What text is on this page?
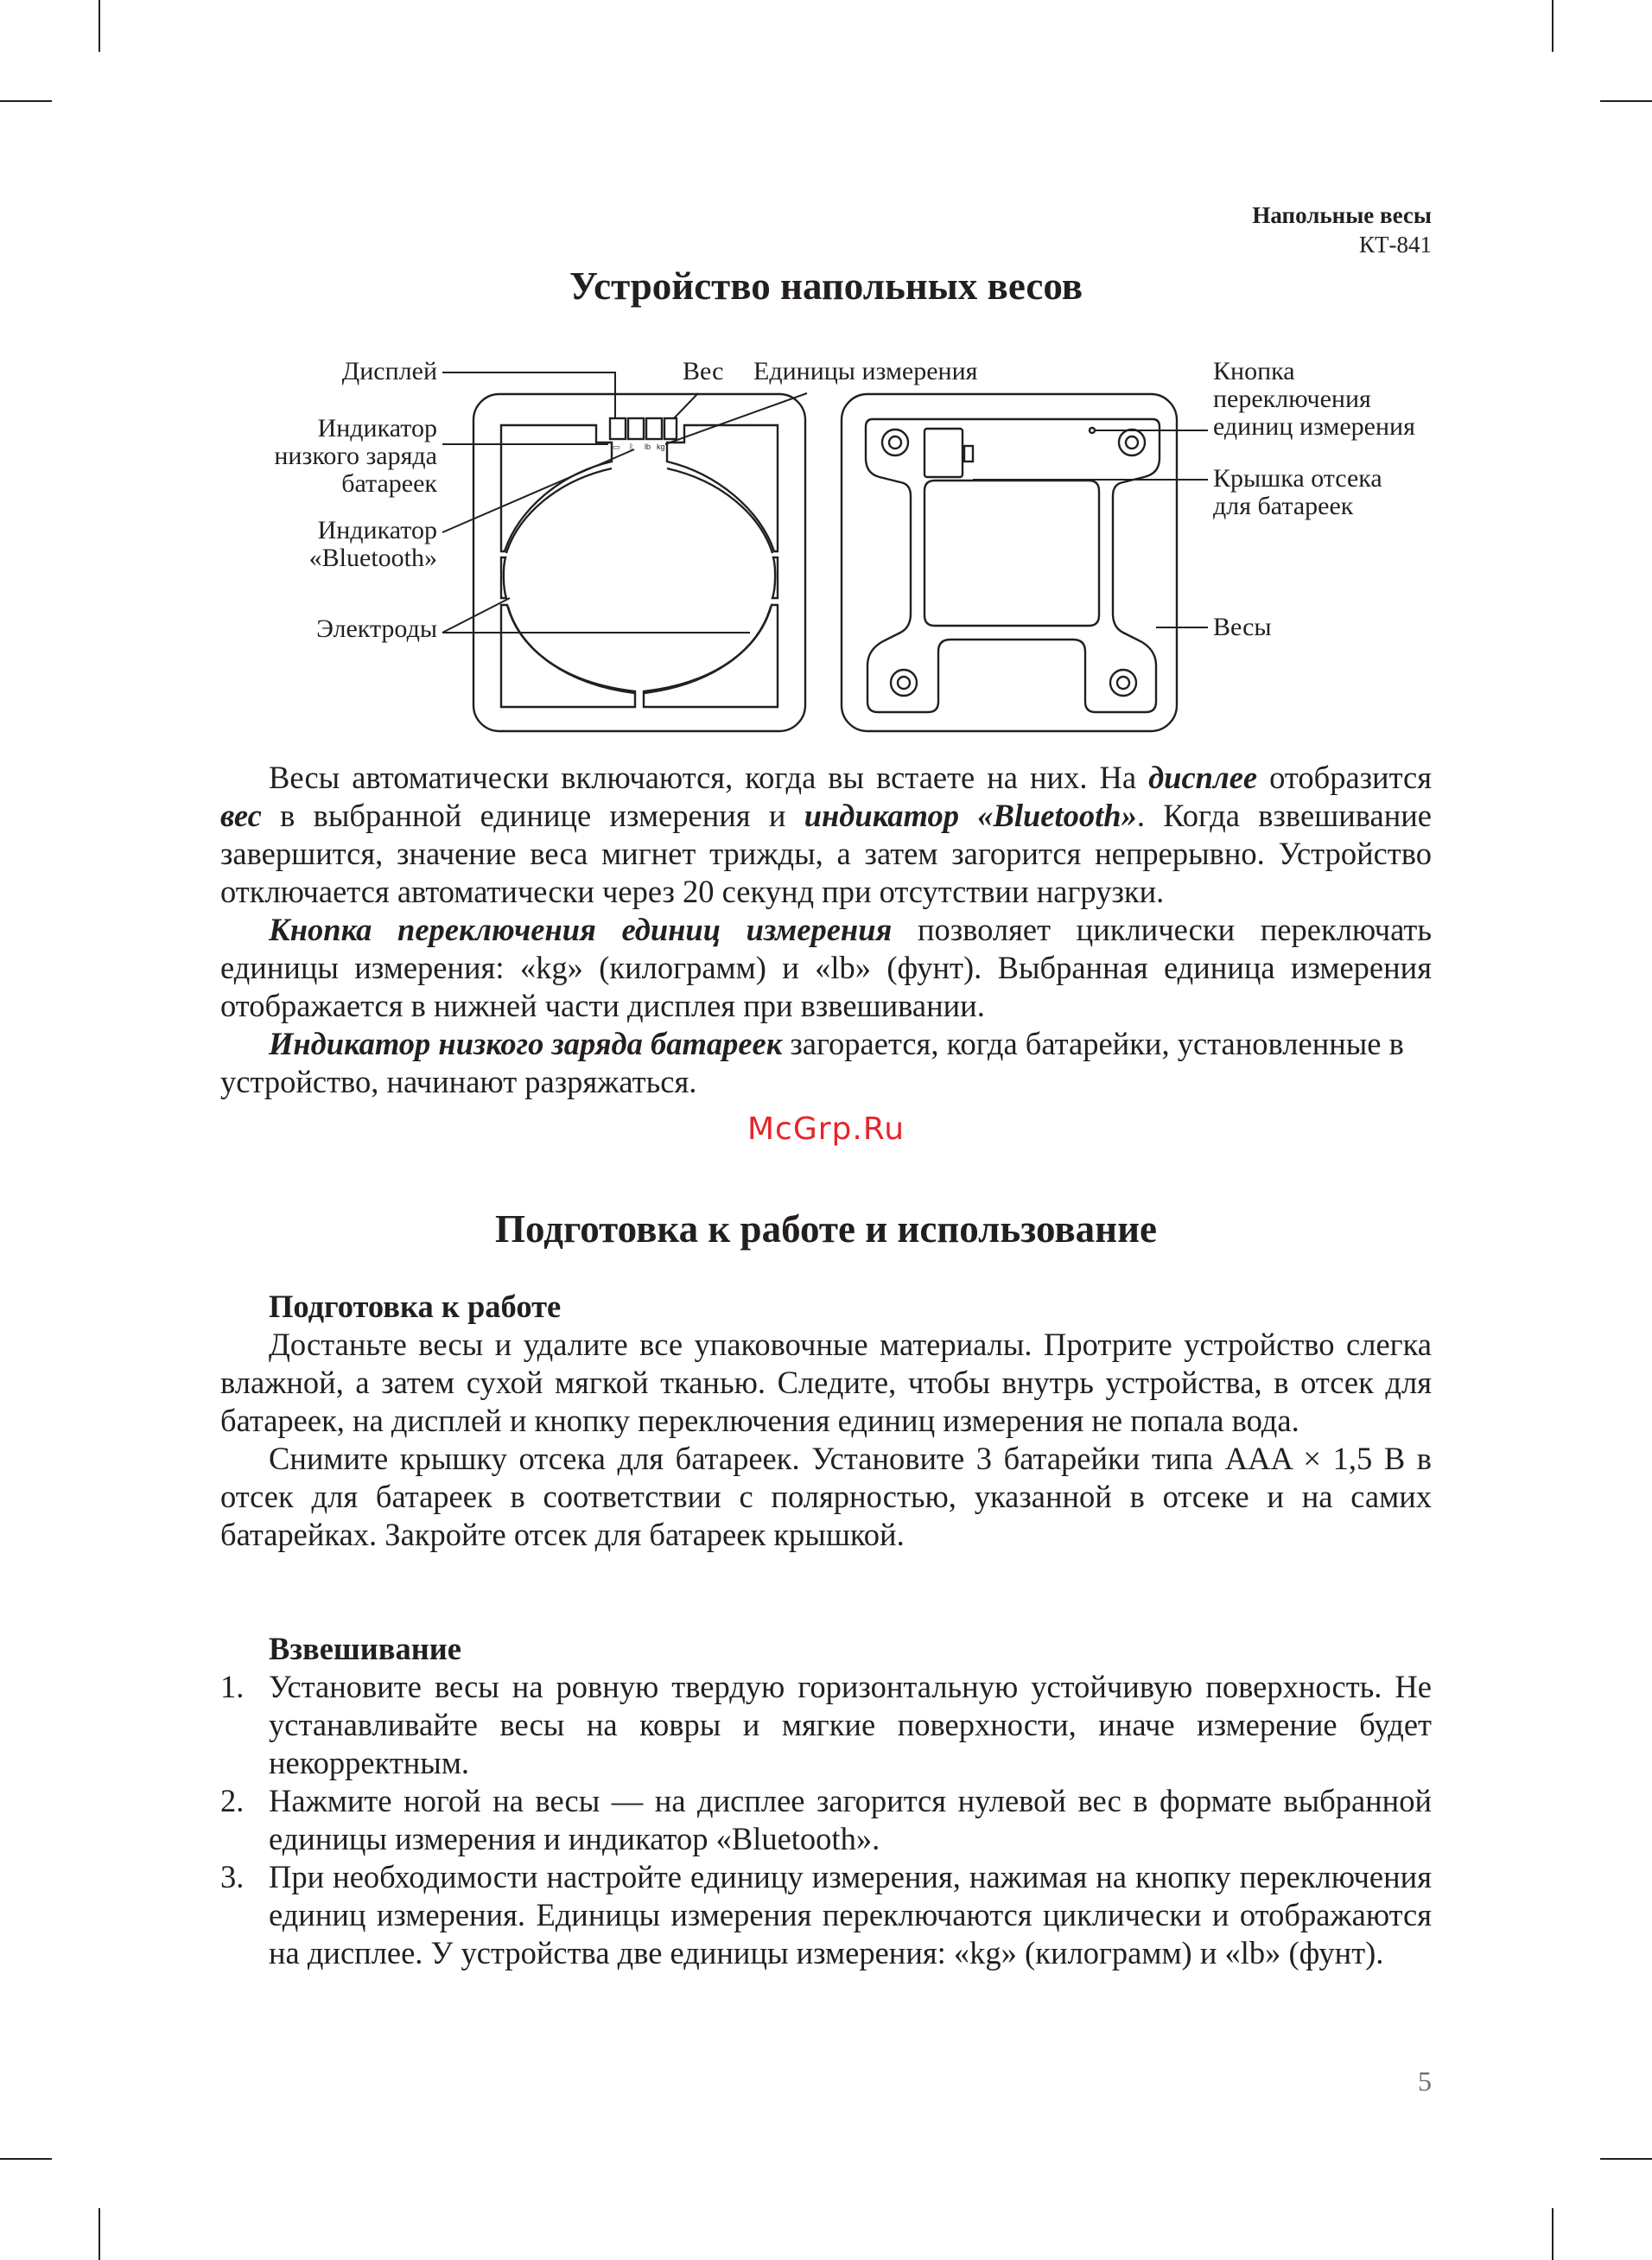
Напольные весы
КТ-841
Устройство напольных весов
▭ ᛒ lb kg
Дисплей
Индикатор
низкого заряда
батареек
Индикатор
«Bluetooth»
Электроды
Вес Единицы измерения	Кнопка
переключения
единиц измерения
Крышка отсека
для батареек
Весы

Весы автоматически включаются, когда вы встаете на них. На дисплее отобразится вес в выбранной единице измерения и индикатор «Bluetooth». Когда взвешивание завершится, значение веса мигнет трижды, а затем загорится непрерывно. Устройство отключается автоматически через 20 секунд при отсутствии нагрузки.

Кнопка переключения единиц измерения позволяет циклически переключать единицы измерения: «kg» (килограмм) и «lb» (фунт). Выбранная единица измерения отображается в нижней части дисплея при взвешивании.

Индикатор низкого заряда батареек загорается, когда батарейки, установленные в устройство, начинают разряжаться.

McGrp.Ru
Подготовка к работе и использование
Подготовка к работе

Достаньте весы и удалите все упаковочные материалы. Протрите устройство слегка влажной, а затем сухой мягкой тканью. Следите, чтобы внутрь устройства, в отсек для батареек, на дисплей и кнопку переключения единиц измерения не попала вода.

Снимите крышку отсека для батареек. Установите 3 батарейки типа AAA × 1,5 В в отсек для батареек в соответствии с полярностью, указанной в отсеке и на самих батарейках. Закройте отсек для батареек крышкой.

Взвешивание
1. Установите весы на ровную твердую горизонтальную устойчивую поверхность. Не устанавливайте весы на ковры и мягкие поверхности, иначе измерение будет некорректным.
2. Нажмите ногой на весы — на дисплее загорится нулевой вес в формате выбранной единицы измерения и индикатор «Bluetooth».
3. При необходимости настройте единицу измерения, нажимая на кнопку переключения единиц измерения. Единицы измерения переключаются циклически и отображаются на дисплее. У устройства две единицы измерения: «kg» (килограмм) и «lb» (фунт).
5
